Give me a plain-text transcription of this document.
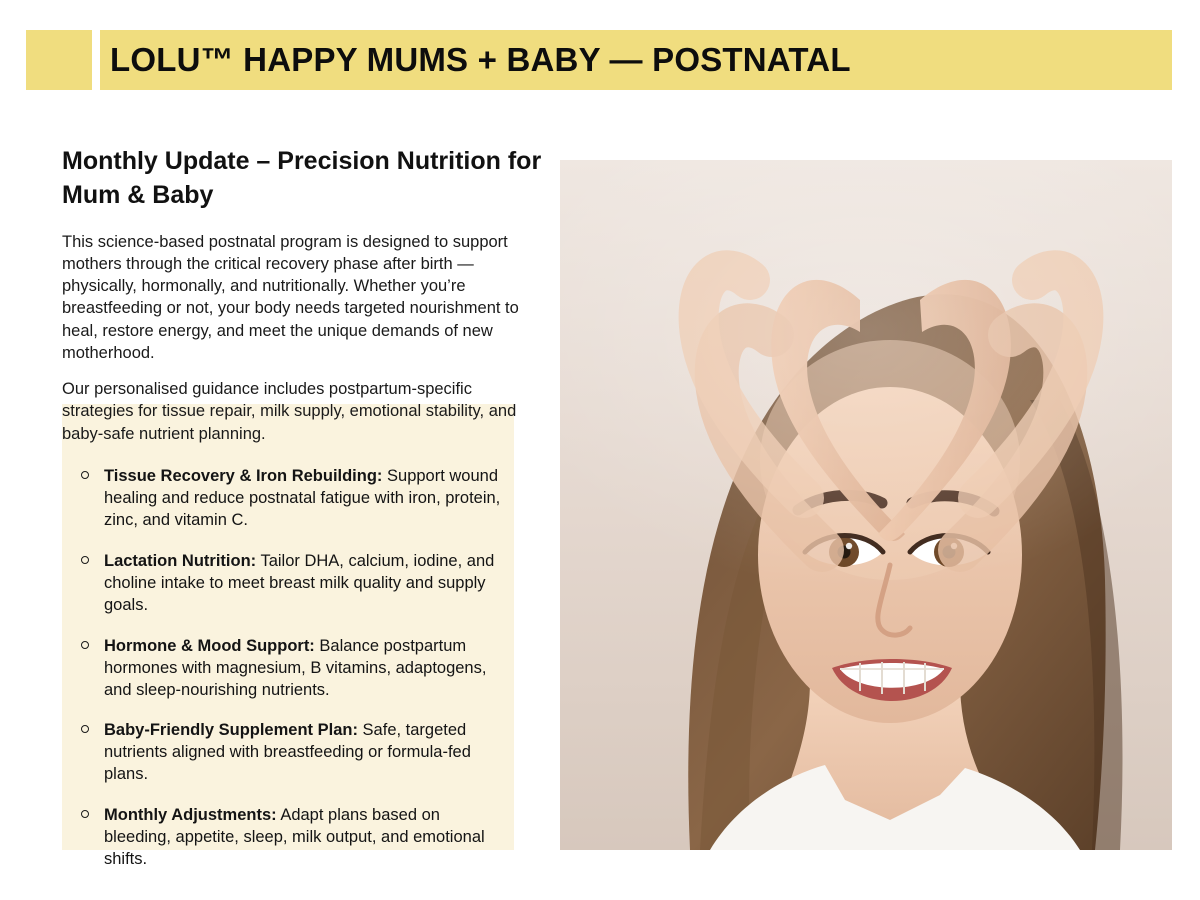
LOLU™ HAPPY MUMS + BABY — POSTNATAL
Monthly Update – Precision Nutrition for Mum & Baby

This science-based postnatal program is designed to support mothers through the critical recovery phase after birth — physically, hormonally, and nutritionally. Whether you’re breastfeeding or not, your body needs targeted nourishment to heal, restore energy, and meet the unique demands of new motherhood.

Our personalised guidance includes postpartum-specific strategies for tissue repair, milk supply, emotional stability, and baby-safe nutrient planning.

Tissue Recovery & Iron Rebuilding: Support wound healing and reduce postnatal fatigue with iron, protein, zinc, and vitamin C.
Lactation Nutrition: Tailor DHA, calcium, iodine, and choline intake to meet breast milk quality and supply goals.
Hormone & Mood Support: Balance postpartum hormones with magnesium, B vitamins, adaptogens, and sleep-nourishing nutrients.
Baby-Friendly Supplement Plan: Safe, targeted nutrients aligned with breastfeeding or formula-fed plans.
Monthly Adjustments: Adapt plans based on bleeding, appetite, sleep, milk output, and emotional shifts.
